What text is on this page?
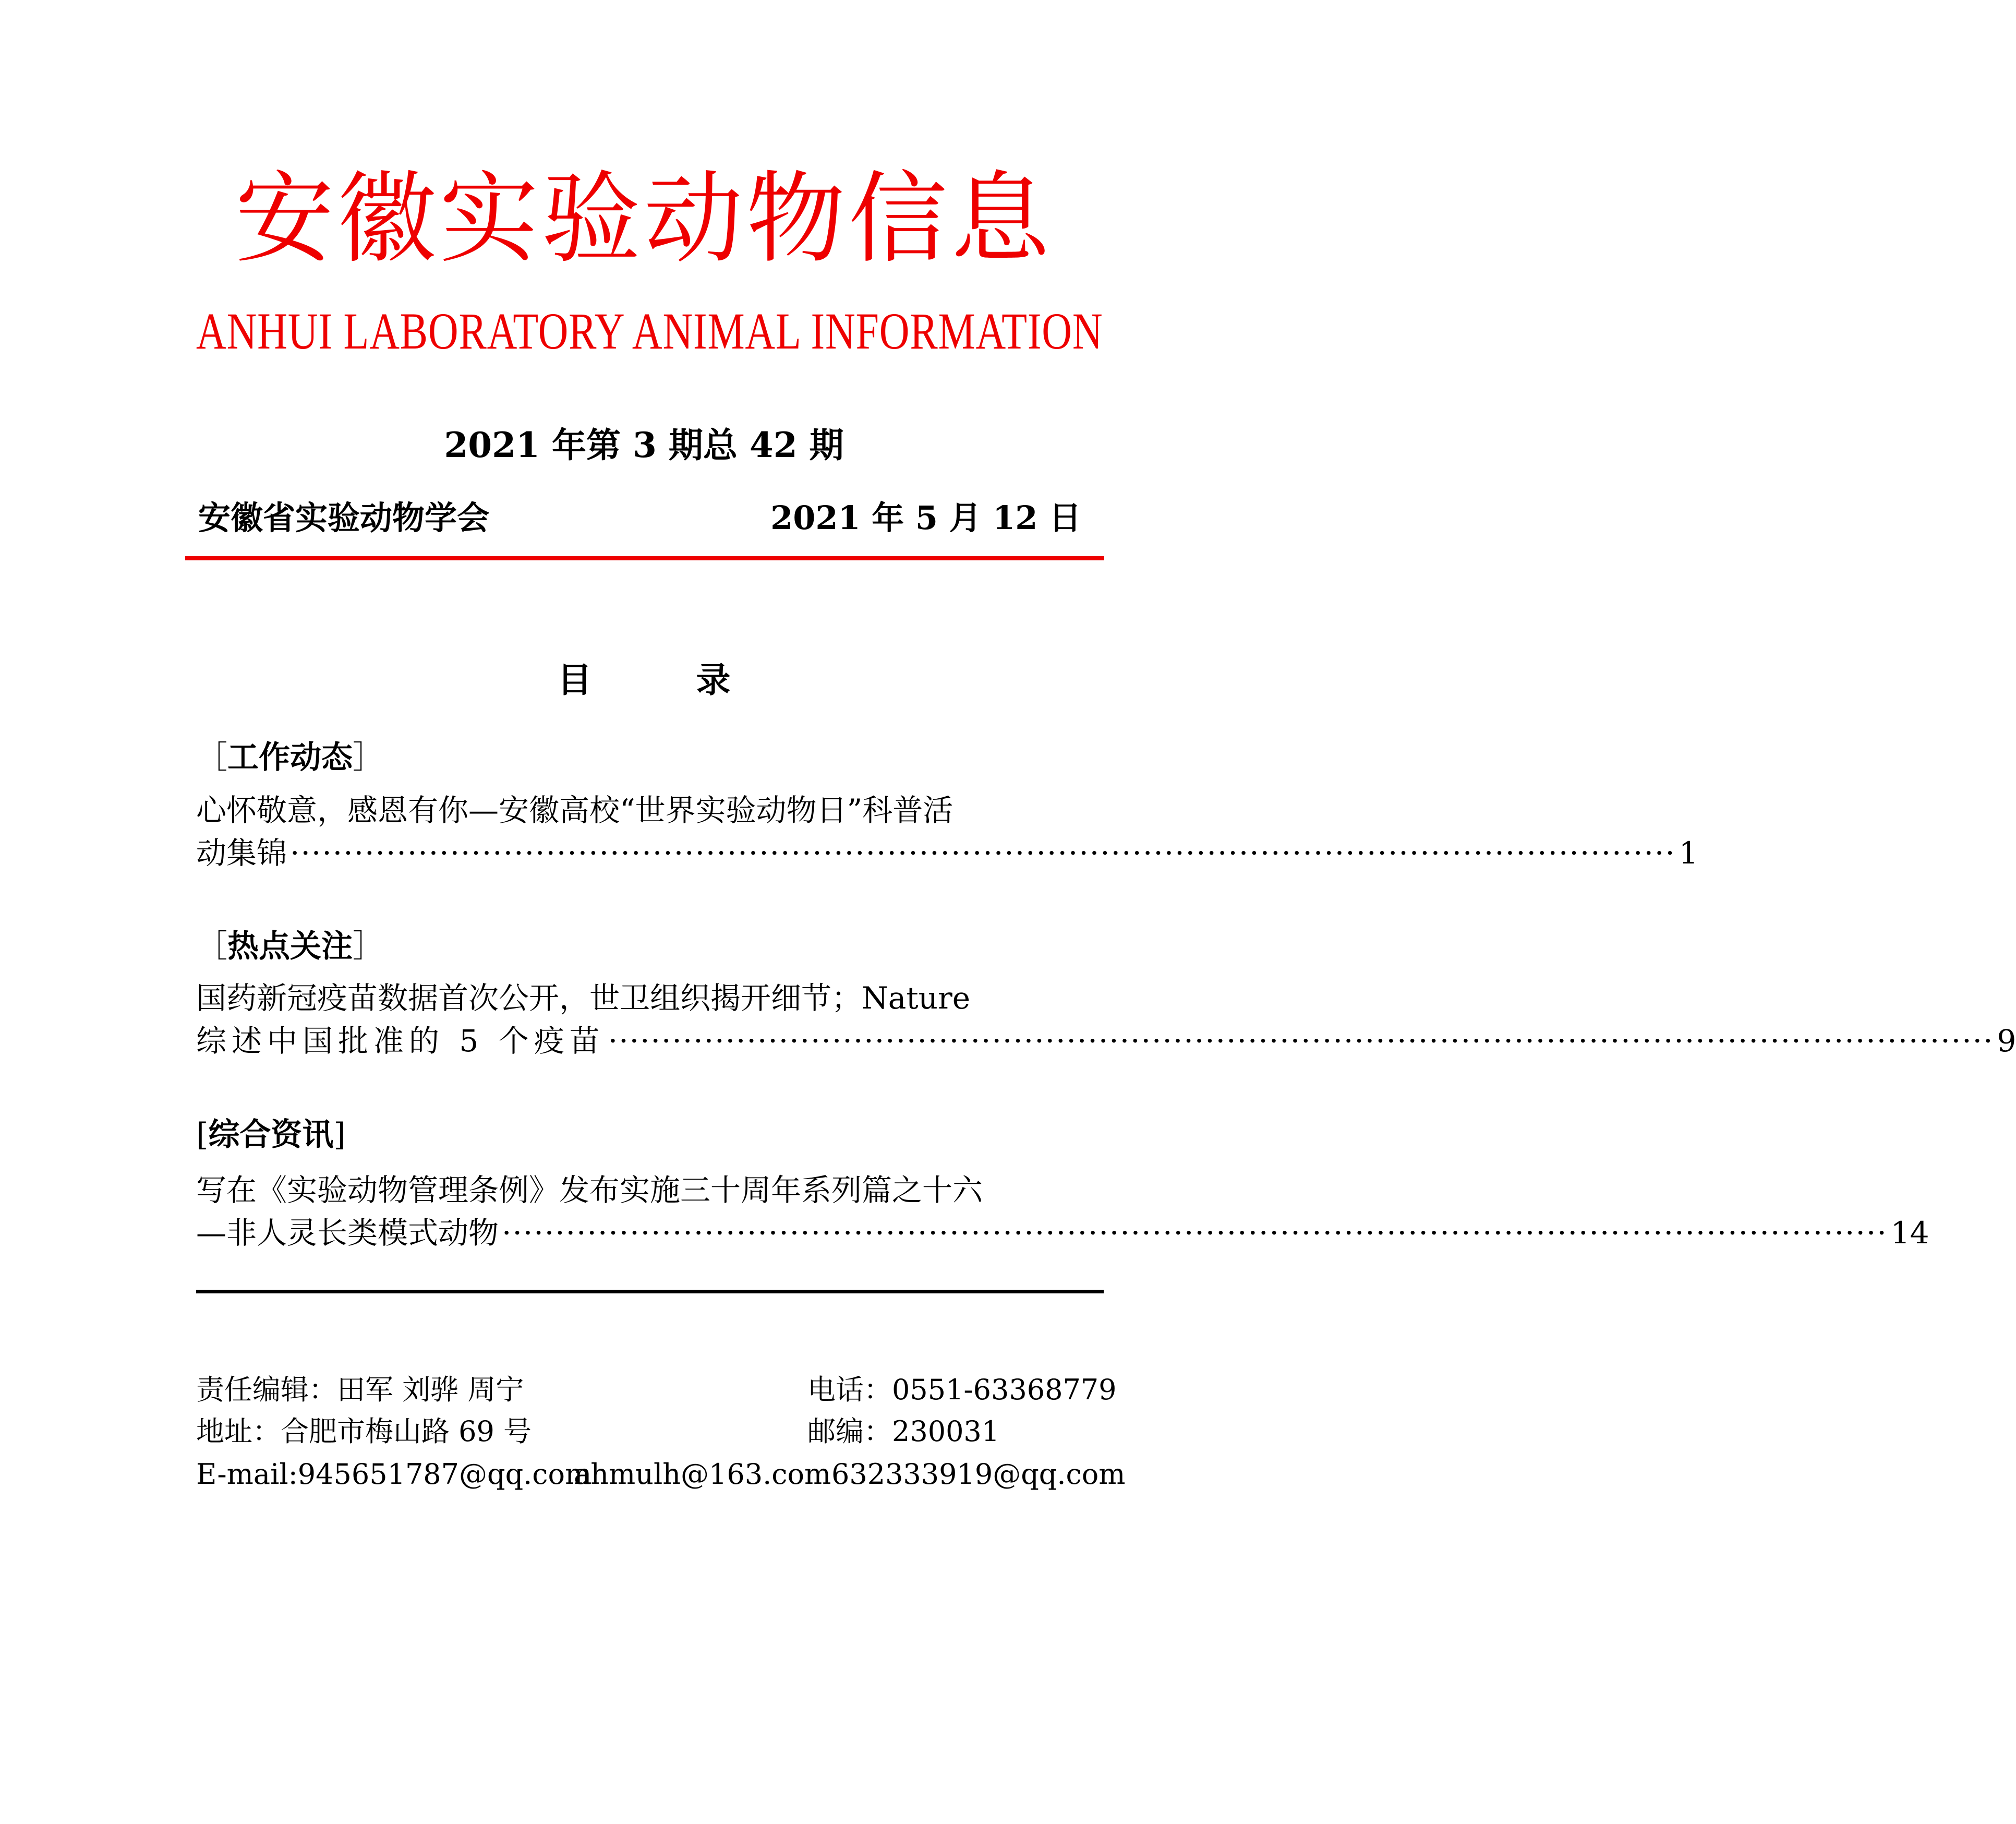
安徽实验动物信息
ANHUI LABORATORY ANIMAL INFORMATION
2021 年第 3 期总 42 期
安徽省实验动物学会	2021 年 5 月 12 日
目录
［工作动态］
心怀敬意，感恩有你—安徽高校“世界实验动物日”科普活
动集锦 ·································································································································· 1
［热点关注］
国药新冠疫苗数据首次公开，世卫组织揭开细节；Nature
综述中国批准的 5 个疫苗 ·································································································································· 9
[综合资讯]
写在《实验动物管理条例》发布实施三十周年系列篇之十六
—非人灵长类模式动物 ·································································································································· 14
责任编辑：田军 刘骅 周宁	电话：0551-63368779
地址：合肥市梅山路 69 号	邮编：230031
E-mail:945651787@qq.com
ahmulh@163.com 632333919@qq.com
